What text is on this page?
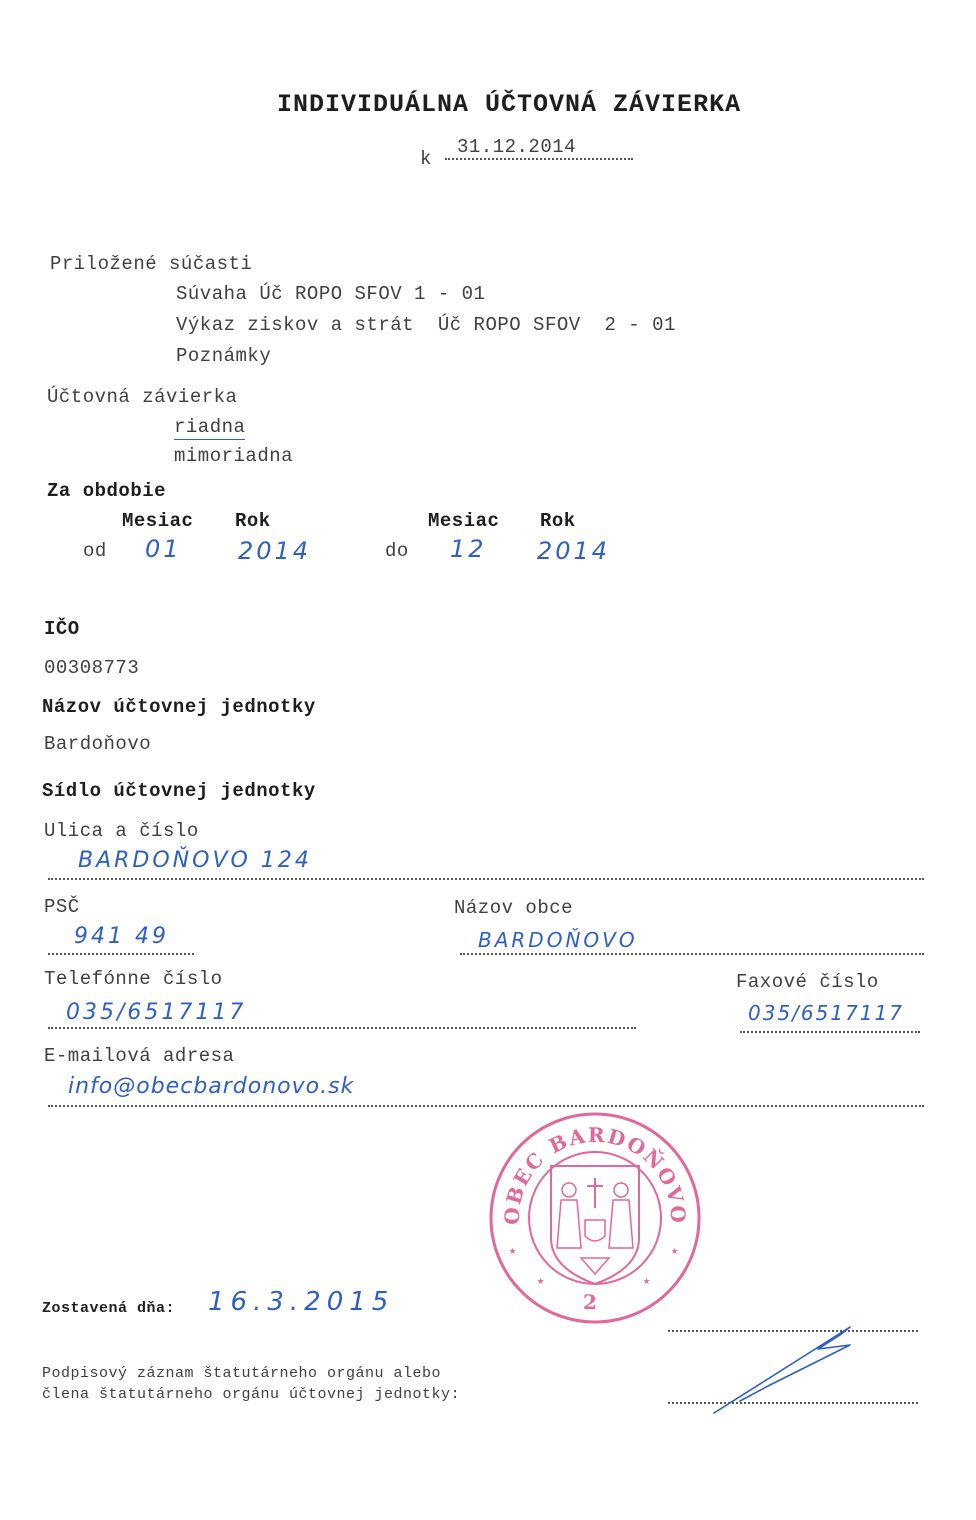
INDIVIDUÁLNA ÚČTOVNÁ ZÁVIERKA
k
31.12.2014
Priložené súčasti
Súvaha Úč ROPO SFOV 1 - 01
Výkaz ziskov a strát  Úč ROPO SFOV  2 - 01
Poznámky
Účtovná závierka
riadna
mimoriadna
Za obdobie
Mesiac Rok	Mesiac Rok
od 01 2014	do 12 2014
IČO
00308773
Názov účtovnej jednotky
Bardoňovo
Sídlo účtovnej jednotky
Ulica a číslo
BARDOŇOVO 124
PSČ
941 49
Názov obce
BARDOŇOVO
Telefónne číslo
035/6517117
Faxové číslo
035/6517117
E-mailová adresa
info@obecbardonovo.sk
OBEC BARDOŇOVO
★	★
★	★
2
Zostavená dňa: 16.3.2015
Podpisový záznam štatutárneho orgánu alebo
člena štatutárneho orgánu účtovnej jednotky:
